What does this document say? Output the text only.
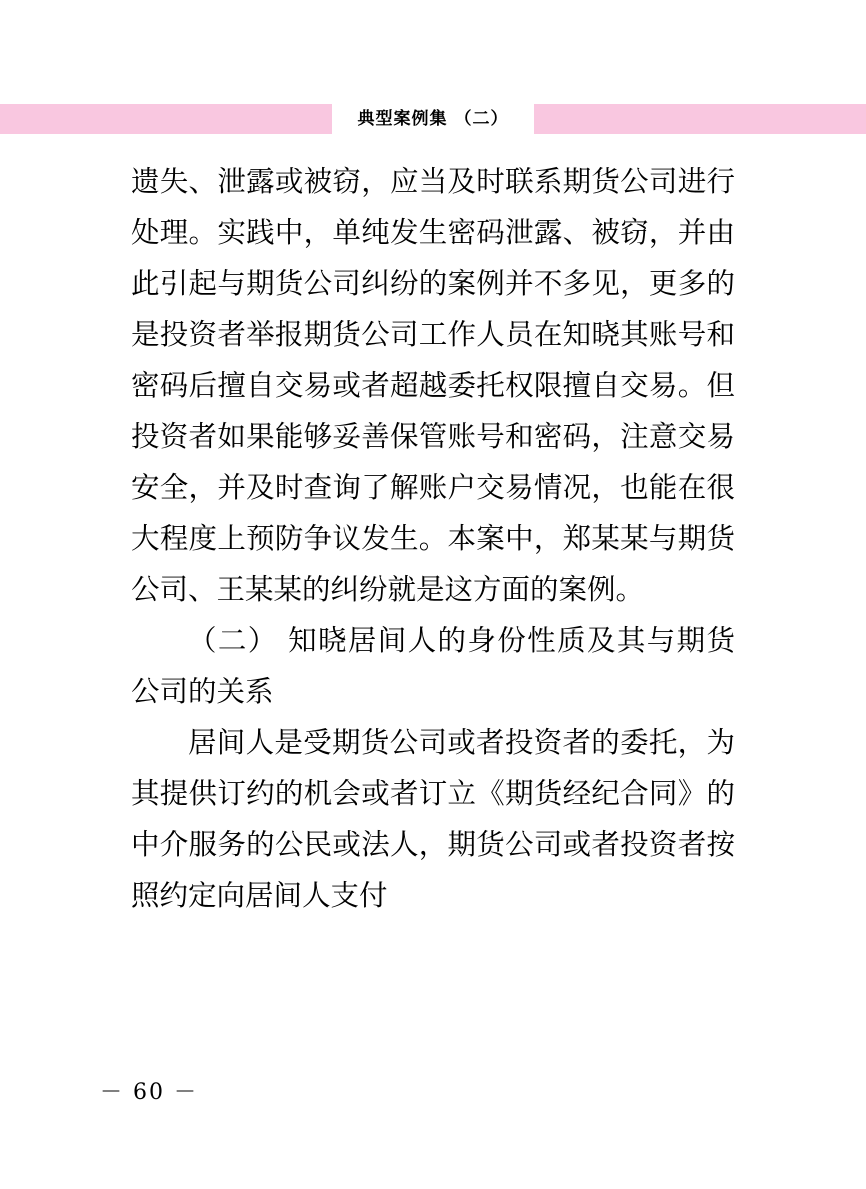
典型案例集 （二）

遗失、泄露或被窃，应当及时联系期货公司进行处理。实践中，单纯发生密码泄露、被窃，并由此引起与期货公司纠纷的案例并不多见，更多的是投资者举报期货公司工作人员在知晓其账号和密码后擅自交易或者超越委托权限擅自交易。但投资者如果能够妥善保管账号和密码，注意交易安全，并及时查询了解账户交易情况，也能在很大程度上预防争议发生。本案中，郑某某与期货公司、王某某的纠纷就是这方面的案例。

（二） 知晓居间人的身份性质及其与期货公司的关系

居间人是受期货公司或者投资者的委托，为其提供订约的机会或者订立《期货经纪合同》的中介服务的公民或法人，期货公司或者投资者按照约定向居间人支付

－ 60 －
